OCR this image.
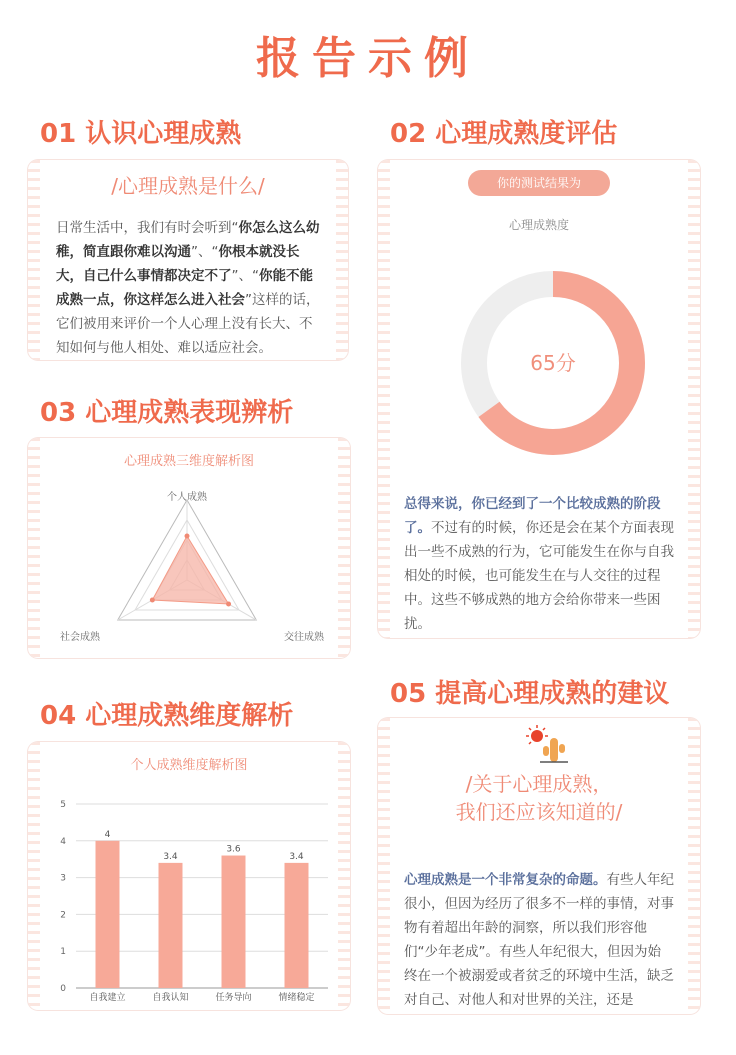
报告示例
01 认识心理成熟	02 心理成熟度评估
03 心理成熟表现辨析
04 心理成熟维度解析
05 提高心理成熟的建议
/心理成熟是什么/
日常生活中，我们有时会听到“你怎么这么幼稚，简直跟你难以沟通”、“你根本就没长大，自己什么事情都决定不了”、“你能不能成熟一点，你这样怎么进入社会”这样的话，它们被用来评价一个人心理上没有长大、不知如何与他人相处、难以适应社会。
你的测试结果为
心理成熟度
65分
总得来说，你已经到了一个比较成熟的阶段了。不过有的时候，你还是会在某个方面表现出一些不成熟的行为，它可能发生在你与自我相处的时候，也可能发生在与人交往的过程中。这些不够成熟的地方会给你带来一些困扰。
心理成熟三维度解析图
个人成熟
交往成熟
社会成熟
个人成熟维度解析图
0
1
2
3
4
5
4
自我建立
3.4
自我认知
3.6
任务导向
3.4
情绪稳定
/关于心理成熟，
我们还应该知道的/
心理成熟是一个非常复杂的命题。有些人年纪很小，但因为经历了很多不一样的事情，对事物有着超出年龄的洞察，所以我们形容他们“少年老成”。有些人年纪很大，但因为始终在一个被溺爱或者贫乏的环境中生活，缺乏对自己、对他人和对世界的关注，还是
